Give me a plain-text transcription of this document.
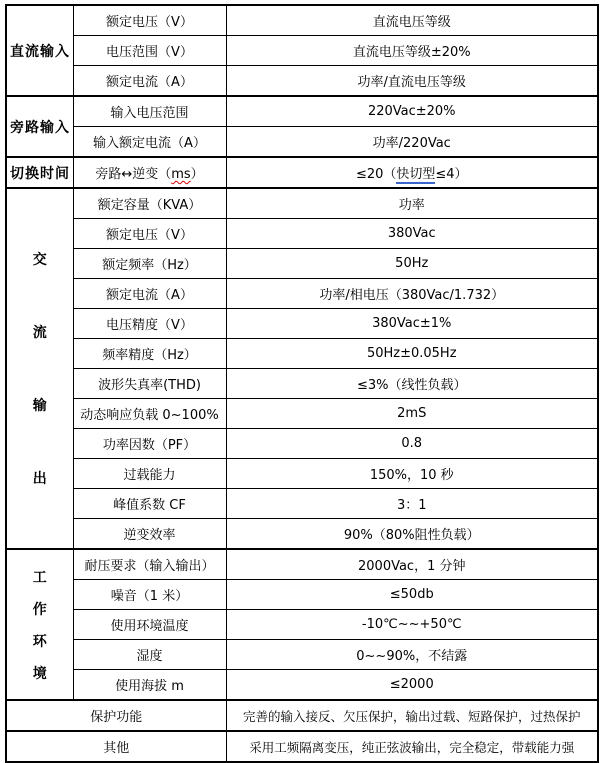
直流输入	额定电压（V）	直流电压等级
	电压范围（V）	直流电压等级±20%
	额定电流（A）	功率/直流电压等级
旁路输入	输入电压范围	220Vac±20%
	输入额定电流（A）	功率/220Vac
切换时间	旁路↔逆变（ms）	≤20（快切型≤4）

交
流
输
出	额定容量（KVA）	功率
	额定电压（V）	380Vac
	额定频率（Hz）	50Hz
	额定电流（A）	功率/相电压（380Vac/1.732）
	电压精度（V）	380Vac±1%
	频率精度（Hz）	50Hz±0.05Hz
	波形失真率(THD)	≤3%（线性负载）
	动态响应负载 0~100%	2mS
	功率因数（PF）	0.8
	过载能力	150%，10 秒
	峰值系数 CF	3：1
	逆变效率	90%（80%阻性负载）

工
作
环
境	耐压要求（输入输出）	2000Vac，1 分钟
	噪音（1 米）	≤50db
	使用环境温度	-10℃~~+50℃
	湿度	0~~90%，不结露
	使用海拔 m	≤2000
保护功能		完善的输入接反、欠压保护，输出过载、短路保护，过热保护
其他		采用工频隔离变压，纯正弦波输出，完全稳定，带载能力强
